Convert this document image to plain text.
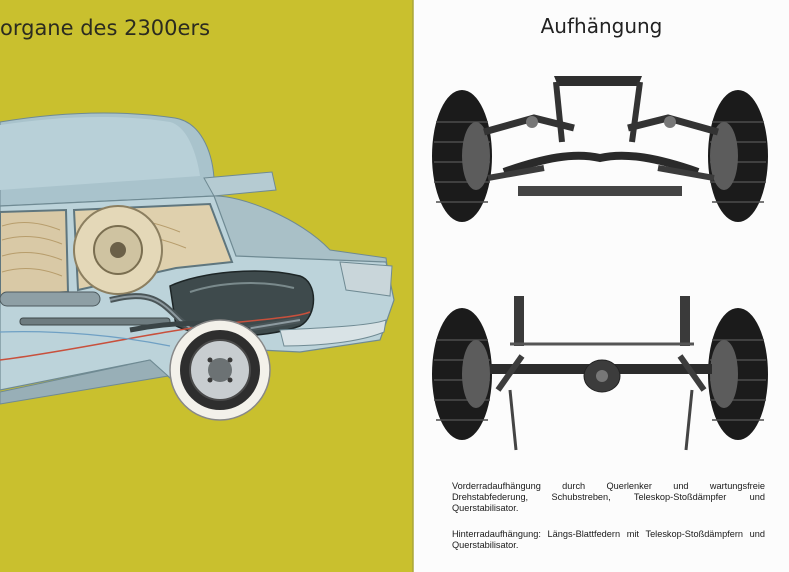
organe des 2300ers	Aufhängung

Vorderradaufhängung durch Querlenker und wartungsfreie Drehstabfederung, Schubstreben, Teleskop-Stoßdämpfer und Querstabilisator.

Hinterradaufhängung: Längs-Blattfedern mit Teleskop-Stoßdämpfern und Querstabilisator.
